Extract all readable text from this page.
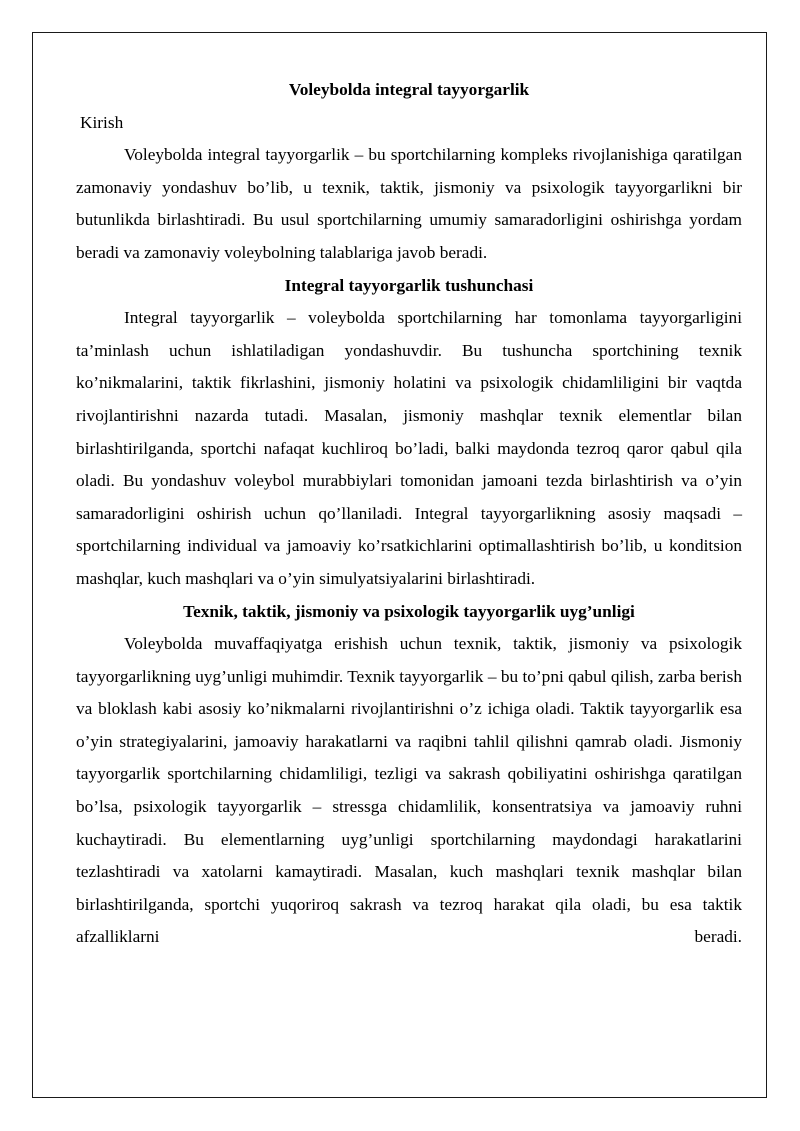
Voleybolda integral tayyorgarlik

Kirish

Voleybolda integral tayyorgarlik – bu sportchilarning kompleks rivojlanishiga qaratilgan zamonaviy yondashuv bo’lib, u texnik, taktik, jismoniy va psixologik tayyorgarlikni bir butunlikda birlashtiradi. Bu usul sportchilarning umumiy samaradorligini oshirishga yordam beradi va zamonaviy voleybolning talablariga javob beradi.

Integral tayyorgarlik tushunchasi

Integral tayyorgarlik – voleybolda sportchilarning har tomonlama tayyorgarligini ta’minlash uchun ishlatiladigan yondashuvdir. Bu tushuncha sportchining texnik ko’nikmalarini, taktik fikrlashini, jismoniy holatini va psixologik chidamliligini bir vaqtda rivojlantirishni nazarda tutadi. Masalan, jismoniy mashqlar texnik elementlar bilan birlashtirilganda, sportchi nafaqat kuchliroq bo’ladi, balki maydonda tezroq qaror qabul qila oladi. Bu yondashuv voleybol murabbiylari tomonidan jamoani tezda birlashtirish va o’yin samaradorligini oshirish uchun qo’llaniladi. Integral tayyorgarlikning asosiy maqsadi – sportchilarning individual va jamoaviy ko’rsatkichlarini optimallashtirish bo’lib, u konditsion mashqlar, kuch mashqlari va o’yin simulyatsiyalarini birlashtiradi.

Texnik, taktik, jismoniy va psixologik tayyorgarlik uyg’unligi

Voleybolda muvaffaqiyatga erishish uchun texnik, taktik, jismoniy va psixologik tayyorgarlikning uyg’unligi muhimdir. Texnik tayyorgarlik – bu to’pni qabul qilish, zarba berish va bloklash kabi asosiy ko’nikmalarni rivojlantirishni o’z ichiga oladi. Taktik tayyorgarlik esa o’yin strategiyalarini, jamoaviy harakatlarni va raqibni tahlil qilishni qamrab oladi. Jismoniy tayyorgarlik sportchilarning chidamliligi, tezligi va sakrash qobiliyatini oshirishga qaratilgan bo’lsa, psixologik tayyorgarlik – stressga chidamlilik, konsentratsiya va jamoaviy ruhni kuchaytiradi. Bu elementlarning uyg’unligi sportchilarning maydondagi harakatlarini tezlashtiradi va xatolarni kamaytiradi. Masalan, kuch mashqlari texnik mashqlar bilan birlashtirilganda, sportchi yuqoriroq sakrash va tezroq harakat qila oladi, bu esa taktik afzalliklarni beradi.
